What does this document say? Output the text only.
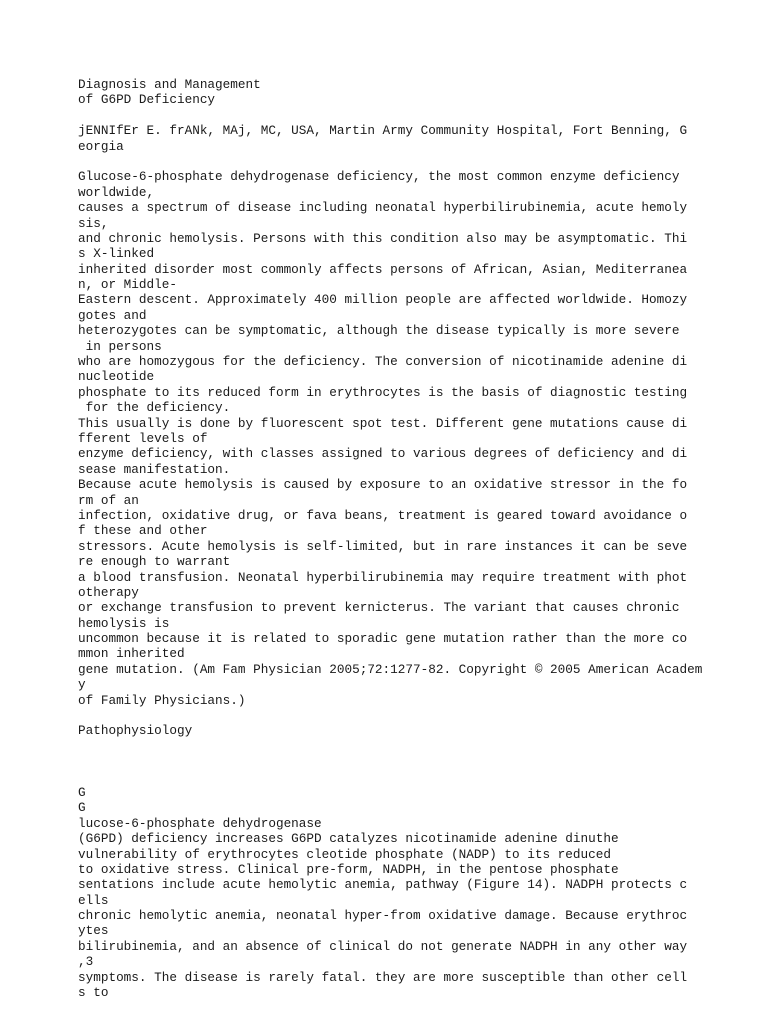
Diagnosis and Management
of G6PD Deficiency
jENNIfEr E. frANk, MAj, MC, USA, Martin Army Community Hospital, Fort Benning, G
eorgia
Glucose-6-phosphate dehydrogenase deficiency, the most common enzyme deficiency
worldwide,
causes a spectrum of disease including neonatal hyperbilirubinemia, acute hemoly
sis,
and chronic hemolysis. Persons with this condition also may be asymptomatic. Thi
s X-linked
inherited disorder most commonly affects persons of African, Asian, Mediterranea
n, or Middle-
Eastern descent. Approximately 400 million people are affected worldwide. Homozy
gotes and
heterozygotes can be symptomatic, although the disease typically is more severe
in persons
who are homozygous for the deficiency. The conversion of nicotinamide adenine di
nucleotide
phosphate to its reduced form in erythrocytes is the basis of diagnostic testing
for the deficiency.
This usually is done by fluorescent spot test. Different gene mutations cause di
fferent levels of
enzyme deficiency, with classes assigned to various degrees of deficiency and di
sease manifestation.
Because acute hemolysis is caused by exposure to an oxidative stressor in the fo
rm of an
infection, oxidative drug, or fava beans, treatment is geared toward avoidance o
f these and other
stressors. Acute hemolysis is self-limited, but in rare instances it can be seve
re enough to warrant
a blood transfusion. Neonatal hyperbilirubinemia may require treatment with phot
otherapy
or exchange transfusion to prevent kernicterus. The variant that causes chronic
hemolysis is
uncommon because it is related to sporadic gene mutation rather than the more co
mmon inherited
gene mutation. (Am Fam Physician 2005;72:1277-82. Copyright © 2005 American Academ
y
of Family Physicians.)
Pathophysiology
G
G
lucose-6-phosphate dehydrogenase
(G6PD) deficiency increases G6PD catalyzes nicotinamide adenine dinuthe
vulnerability of erythrocytes cleotide phosphate (NADP) to its reduced
to oxidative stress. Clinical pre-form, NADPH, in the pentose phosphate
sentations include acute hemolytic anemia, pathway (Figure 14). NADPH protects c
ells
chronic hemolytic anemia, neonatal hyper-from oxidative damage. Because erythroc
ytes
bilirubinemia, and an absence of clinical do not generate NADPH in any other way
,3
symptoms. The disease is rarely fatal. they are more susceptible than other cell
s to
